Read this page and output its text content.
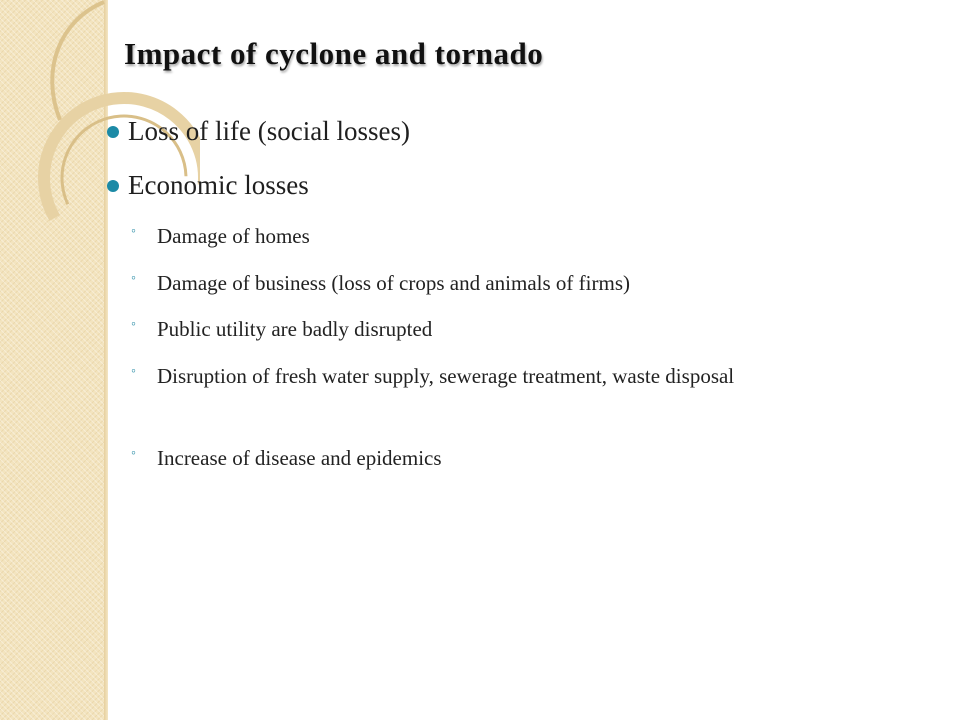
Impact of cyclone and tornado
Loss of life (social losses)
Economic losses
◦ Damage of homes
◦ Damage of business (loss of crops and animals of firms)
◦ Public utility are badly disrupted
◦ Disruption of fresh water supply, sewerage treatment, waste disposal
◦ Increase of disease and epidemics
